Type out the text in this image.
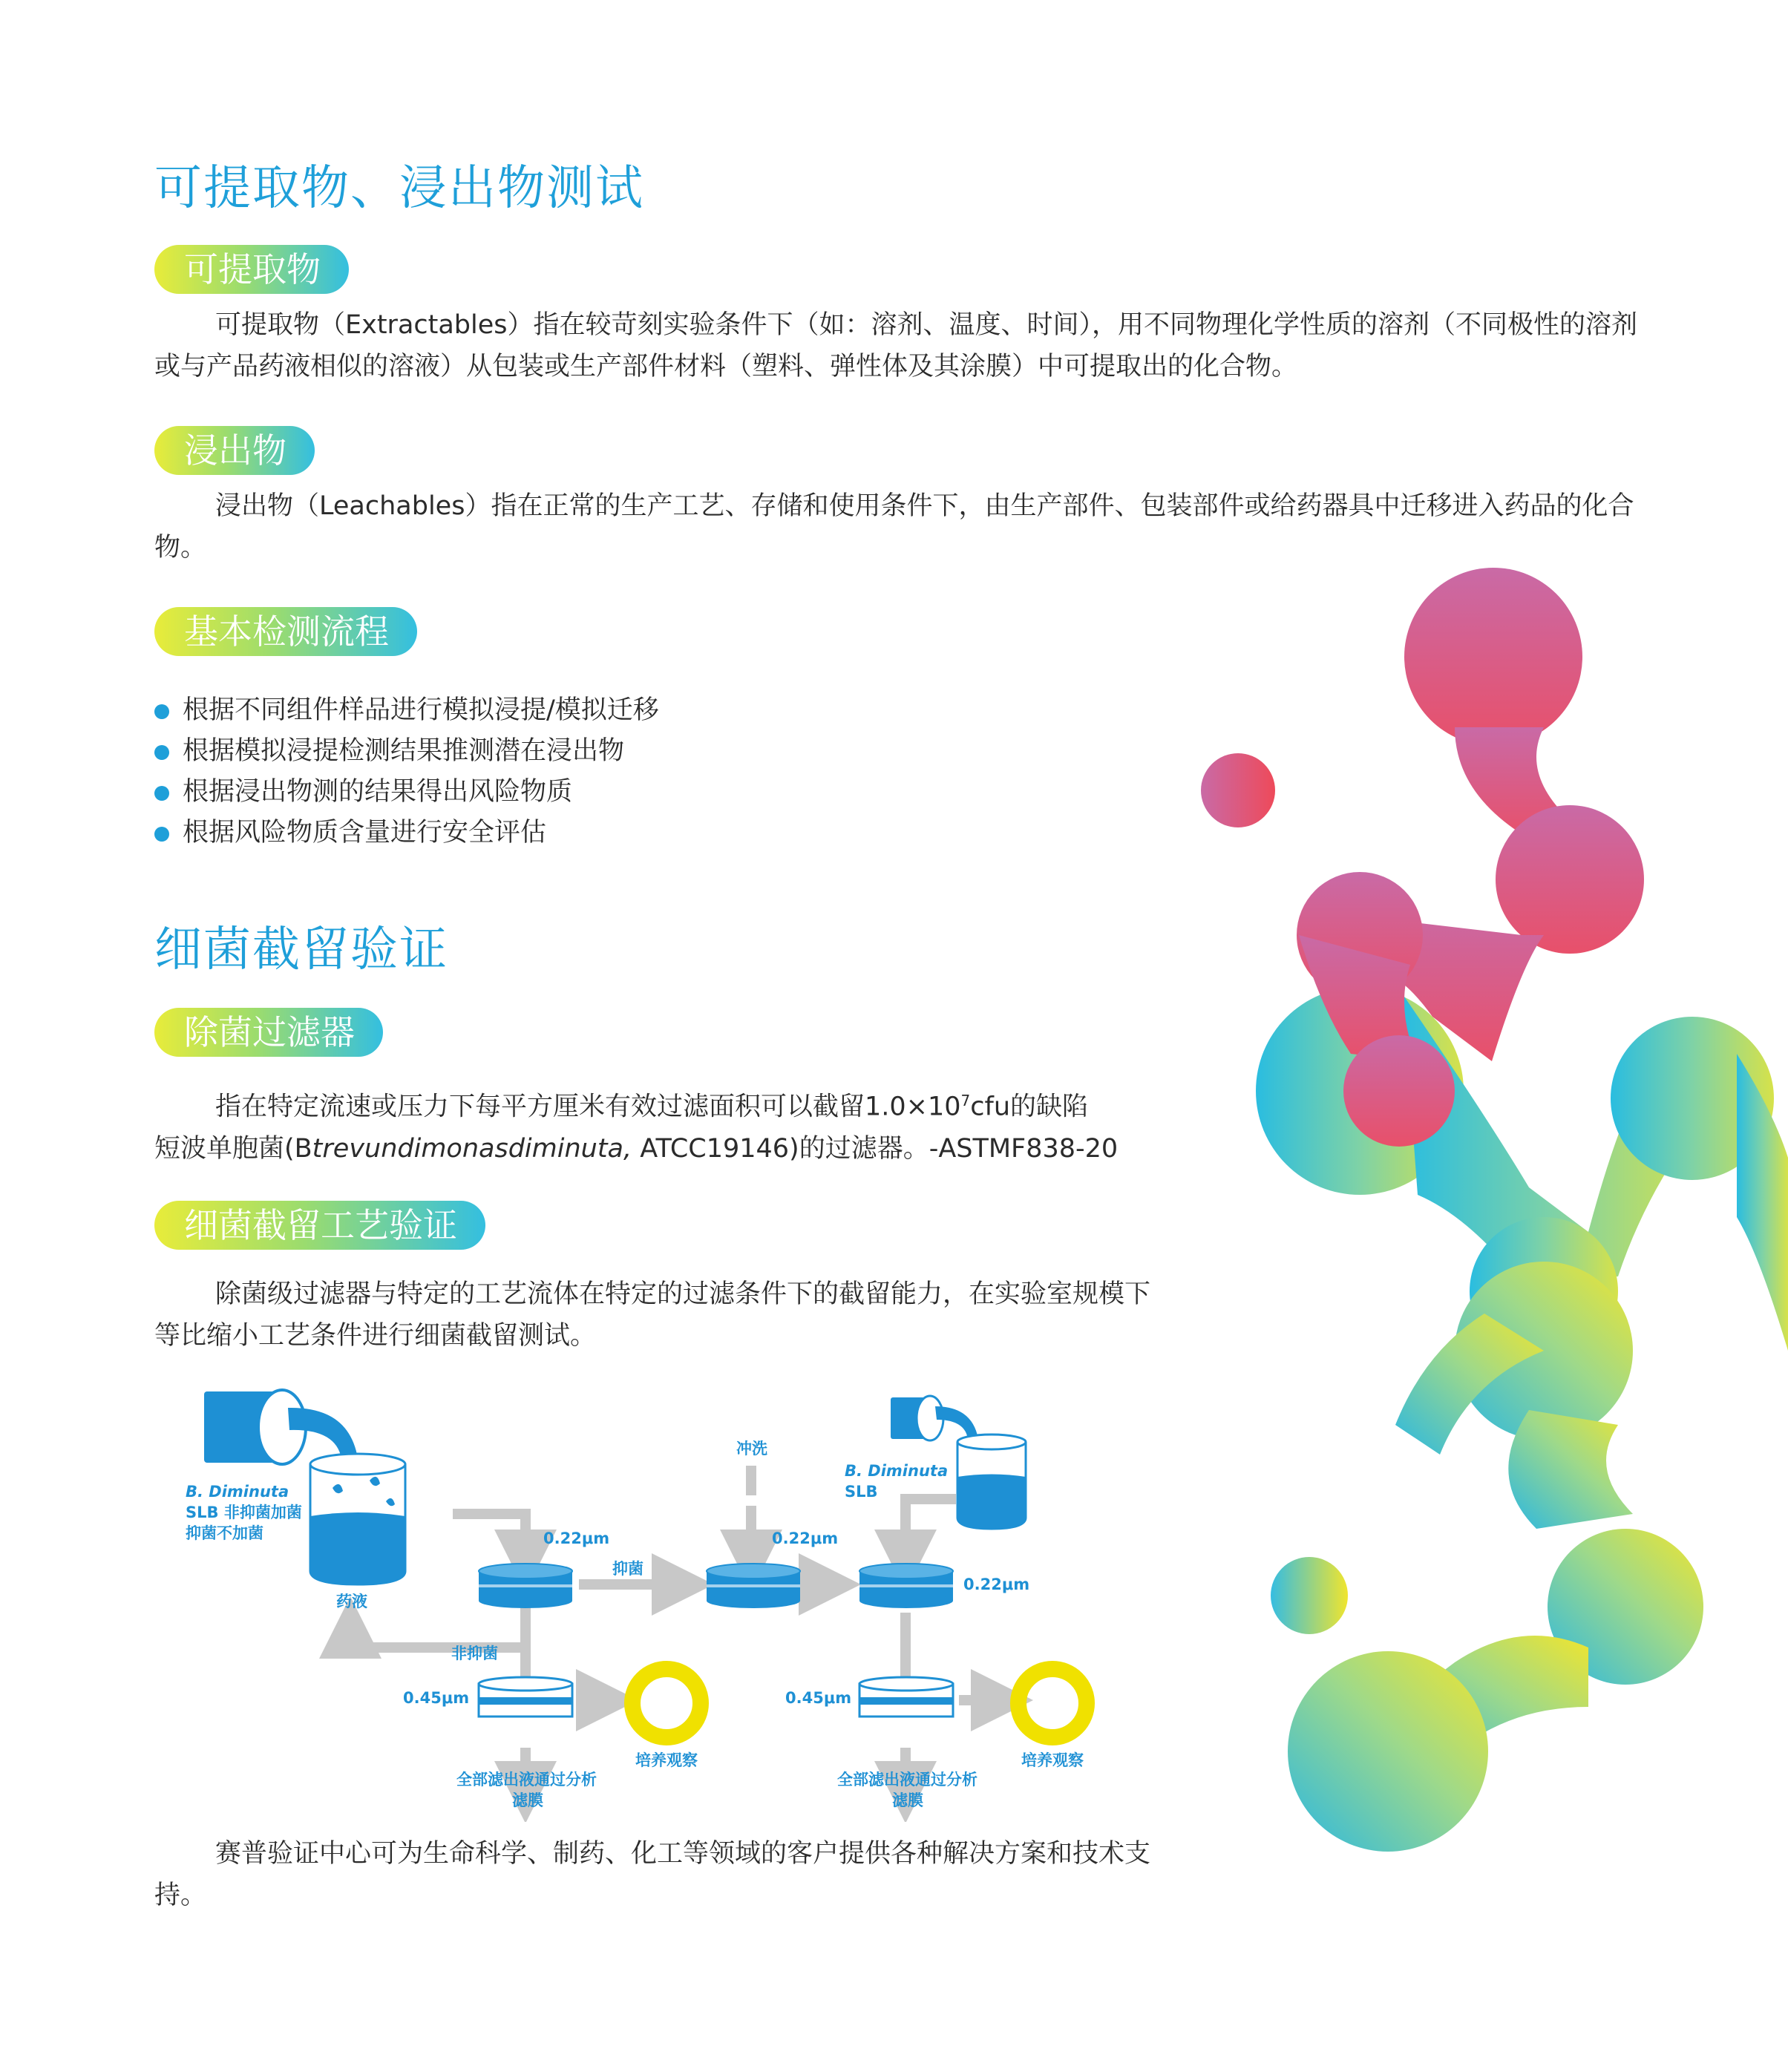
可提取物、浸出物测试
可提取物
可提取物（Extractables）指在较苛刻实验条件下（如：溶剂、温度、时间），用不同物理化学性质的溶剂（不同极性的溶剂或与产品药液相似的溶液）从包装或生产部件材料（塑料、弹性体及其涂膜）中可提取出的化合物。
浸出物
浸出物（Leachables）指在正常的生产工艺、存储和使用条件下，由生产部件、包装部件或给药器具中迁移进入药品的化合物。
基本检测流程
根据不同组件样品进行模拟浸提/模拟迁移
根据模拟浸提检测结果推测潜在浸出物
根据浸出物测的结果得出风险物质
根据风险物质含量进行安全评估
细菌截留验证
除菌过滤器
指在特定流速或压力下每平方厘米有效过滤面积可以截留$1.0\times 10^7cfu$的缺陷
短波单胞菌(Btrevundimonasdiminuta, ATCC19146)的过滤器。-ASTMF838-20
细菌截留工艺验证
除菌级过滤器与特定的工艺流体在特定的过滤条件下的截留能力，在实验室规模下等比缩小工艺条件进行细菌截留测试。
B. Diminuta
SLB 非抑菌加菌
抑菌不加菌
药液
0.22μm
抑菌
非抑菌
0.45μm
培养观察
全部滤出液通过分析
滤膜
冲洗
0.22μm
B. Diminuta
SLB
0.22μm
0.45μm
培养观察
全部滤出液通过分析
滤膜
赛普验证中心可为生命科学、制药、化工等领域的客户提供各种解决方案和技术支持。
